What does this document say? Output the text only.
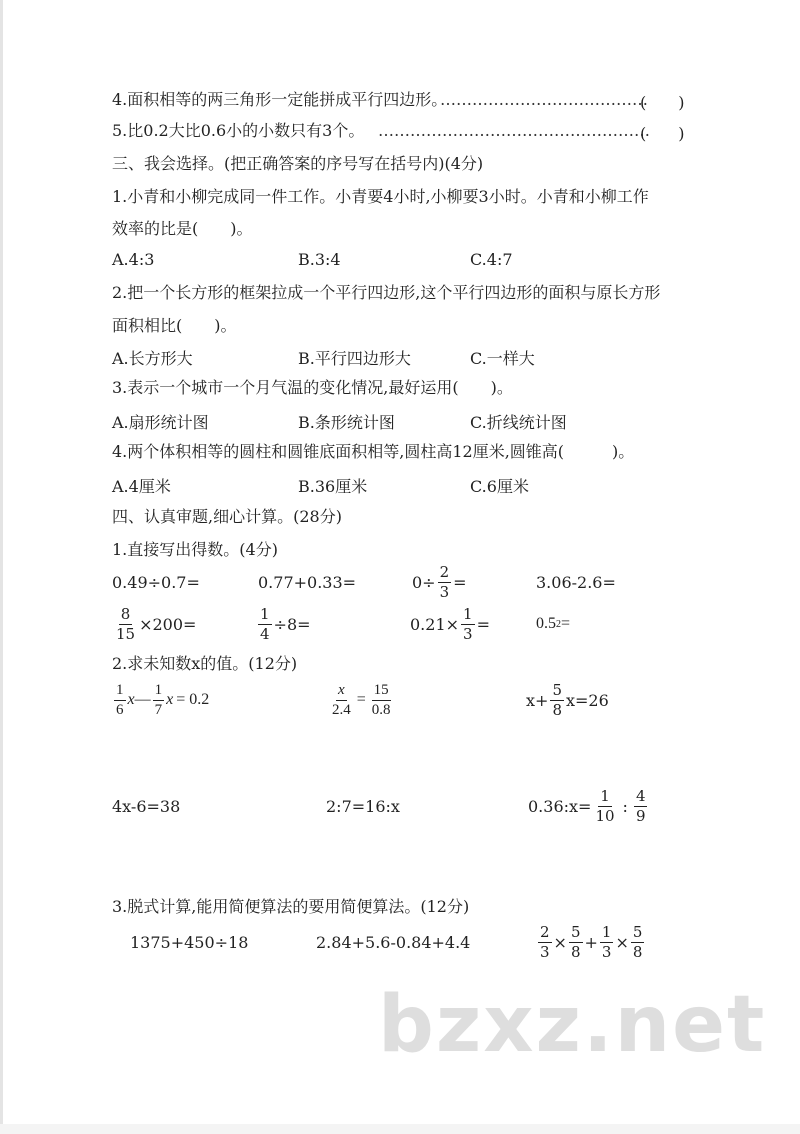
4.面积相等的两三角形一定能拼成平行四边形。
…………………………………
(　　)
5.比0.2大比0.6小的小数只有3个。 ……………………………………………
(　　)
三、我会选择。(把正确答案的序号写在括号内)(4分)
1.小青和小柳完成同一件工作。小青要4小时,小柳要3小时。小青和小柳工作
效率的比是(　　)。
A.4:3	B.3:4	C.4:7
2.把一个长方形的框架拉成一个平行四边形,这个平行四边形的面积与原长方形
面积相比(　　)。
A.长方形大	B.平行四边形大	C.一样大
3.表示一个城市一个月气温的变化情况,最好运用(　　)。
A.扇形统计图	B.条形统计图	C.折线统计图
4.两个体积相等的圆柱和圆锥底面积相等,圆柱高12厘米,圆锥高(　　　)。
A.4厘米	B.36厘米	C.6厘米
四、认真审题,细心计算。(28分)
1.直接写出得数。(4分)
0.49÷0.7=	0.77+0.33=	$0\div \frac{2}{3}$ =	3.06-2.6=
$\frac{8}{15} \times 200=$	$\frac{1}{4} \div 8=$	$0.21\times \frac{1}{3}$ =	0.5 2 =
2.求未知数x的值。(12分)
$\frac{1}{6}$ x — $\frac{1}{7}$ x = 0.2	$\frac{x}{2.4} = \frac{15}{0.8}$	$x+ \frac{5}{8} x=26$
4x-6=38	2:7=16:x	0.36:x= $\frac{1}{10}$ : $\frac{4}{9}$
3.脱式计算,能用简便算法的要用简便算法。(12分)
1375+450÷18	2.84+5.6-0.84+4.4	$\frac{2}{3} \times \frac{5}{8} + \frac{1}{3} \times \frac{5}{8}$
bzxz.net
